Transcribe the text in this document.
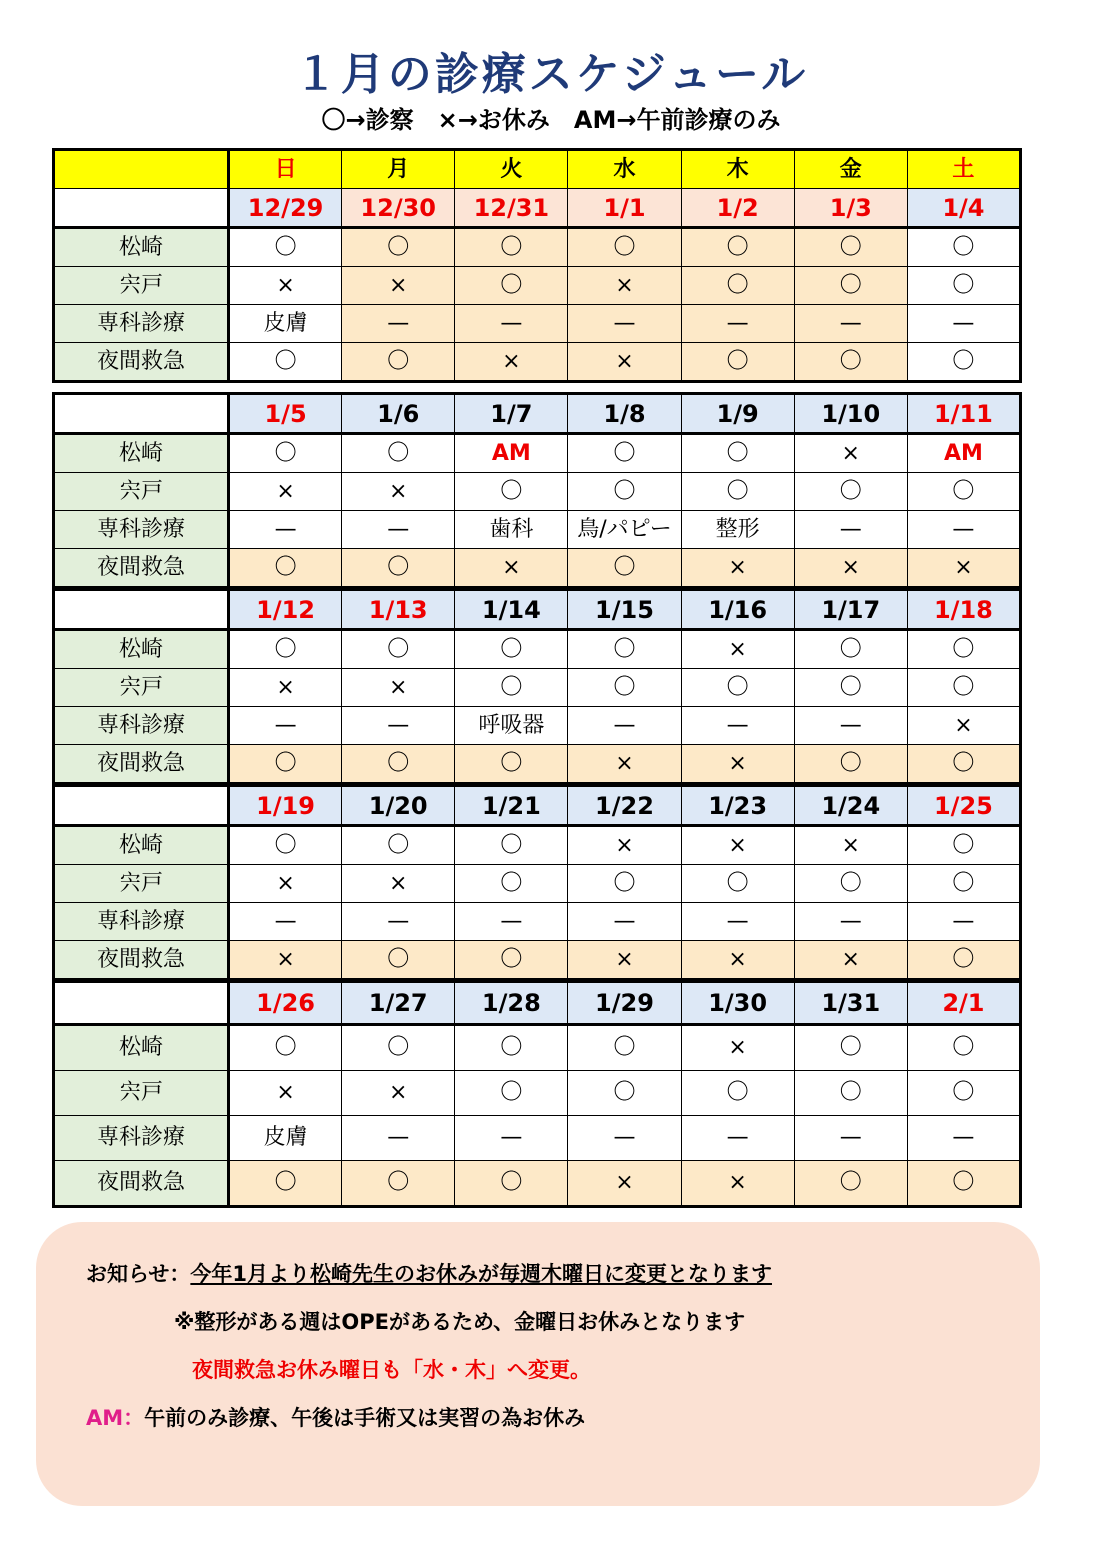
１月の診療スケジュール
〇→診察　×→お休み　AM→午前診療のみ
	日	月	火	水	木	金	土
	12/29	12/30	12/31	1/1	1/2	1/3	1/4
松崎	〇	〇	〇	〇	〇	〇	〇
宍戸	×	×	〇	×	〇	〇	〇
専科診療	皮膚	—	—	—	—	—	—
夜間救急	〇	〇	×	×	〇	〇	〇
	1/5	1/6	1/7	1/8	1/9	1/10	1/11
松崎	〇	〇	AM	〇	〇	×	AM
宍戸	×	×	〇	〇	〇	〇	〇
専科診療	—	—	歯科	鳥/パピー	整形	—	—
夜間救急	〇	〇	×	〇	×	×	×
	1/12	1/13	1/14	1/15	1/16	1/17	1/18
松崎	〇	〇	〇	〇	×	〇	〇
宍戸	×	×	〇	〇	〇	〇	〇
専科診療	—	—	呼吸器	—	—	—	×
夜間救急	〇	〇	〇	×	×	〇	〇
	1/19	1/20	1/21	1/22	1/23	1/24	1/25
松崎	〇	〇	〇	×	×	×	〇
宍戸	×	×	〇	〇	〇	〇	〇
専科診療	—	—	—	—	—	—	—
夜間救急	×	〇	〇	×	×	×	〇
	1/26	1/27	1/28	1/29	1/30	1/31	2/1
松崎	〇	〇	〇	〇	×	〇	〇
宍戸	×	×	〇	〇	〇	〇	〇
専科診療	皮膚	—	—	—	—	—	—
夜間救急	〇	〇	〇	×	×	〇	〇
お知らせ：今年1月より松崎先生のお休みが毎週木曜日に変更となります
※整形がある週はOPEがあるため、金曜日お休みとなります
夜間救急お休み曜日も「水・木」へ変更。
AM：午前のみ診療、午後は手術又は実習の為お休み
